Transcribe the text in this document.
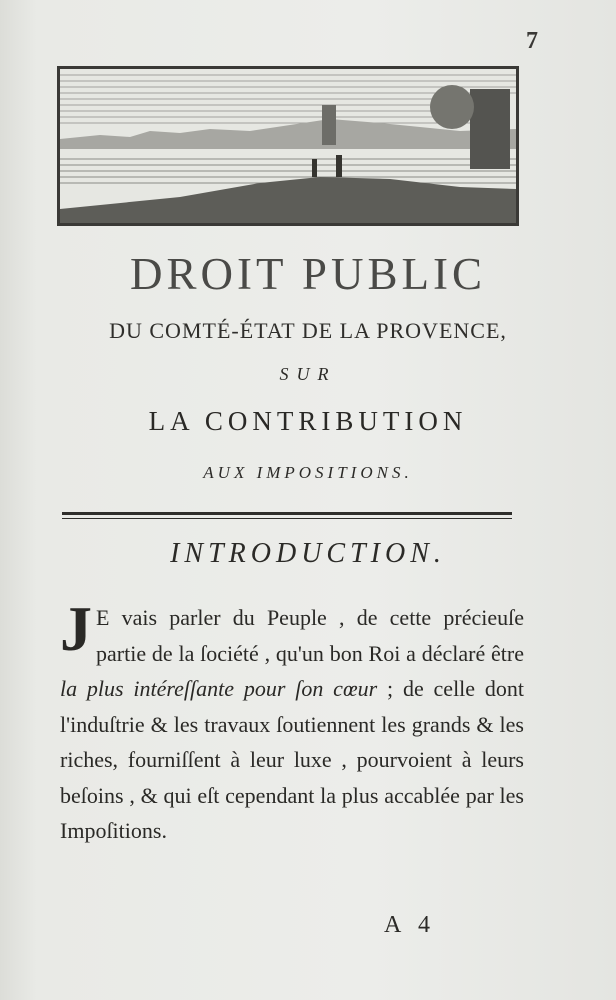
7
DROIT PUBLIC
DU COMTÉ-ÉTAT DE LA PROVENCE,
SUR
LA CONTRIBUTION
AUX IMPOSITIONS.
INTRODUCTION.
J E vais parler du Peuple , de cette précieuſe partie de la ſociété , qu'un bon Roi a déclaré être la plus intéreſſante pour ſon cœur ; de celle dont l'induſtrie & les travaux ſoutiennent les grands & les riches, fourniſſent à leur luxe , pourvoient à leurs beſoins , & qui eſt cependant la plus accablée par les Impoſitions.
A 4
